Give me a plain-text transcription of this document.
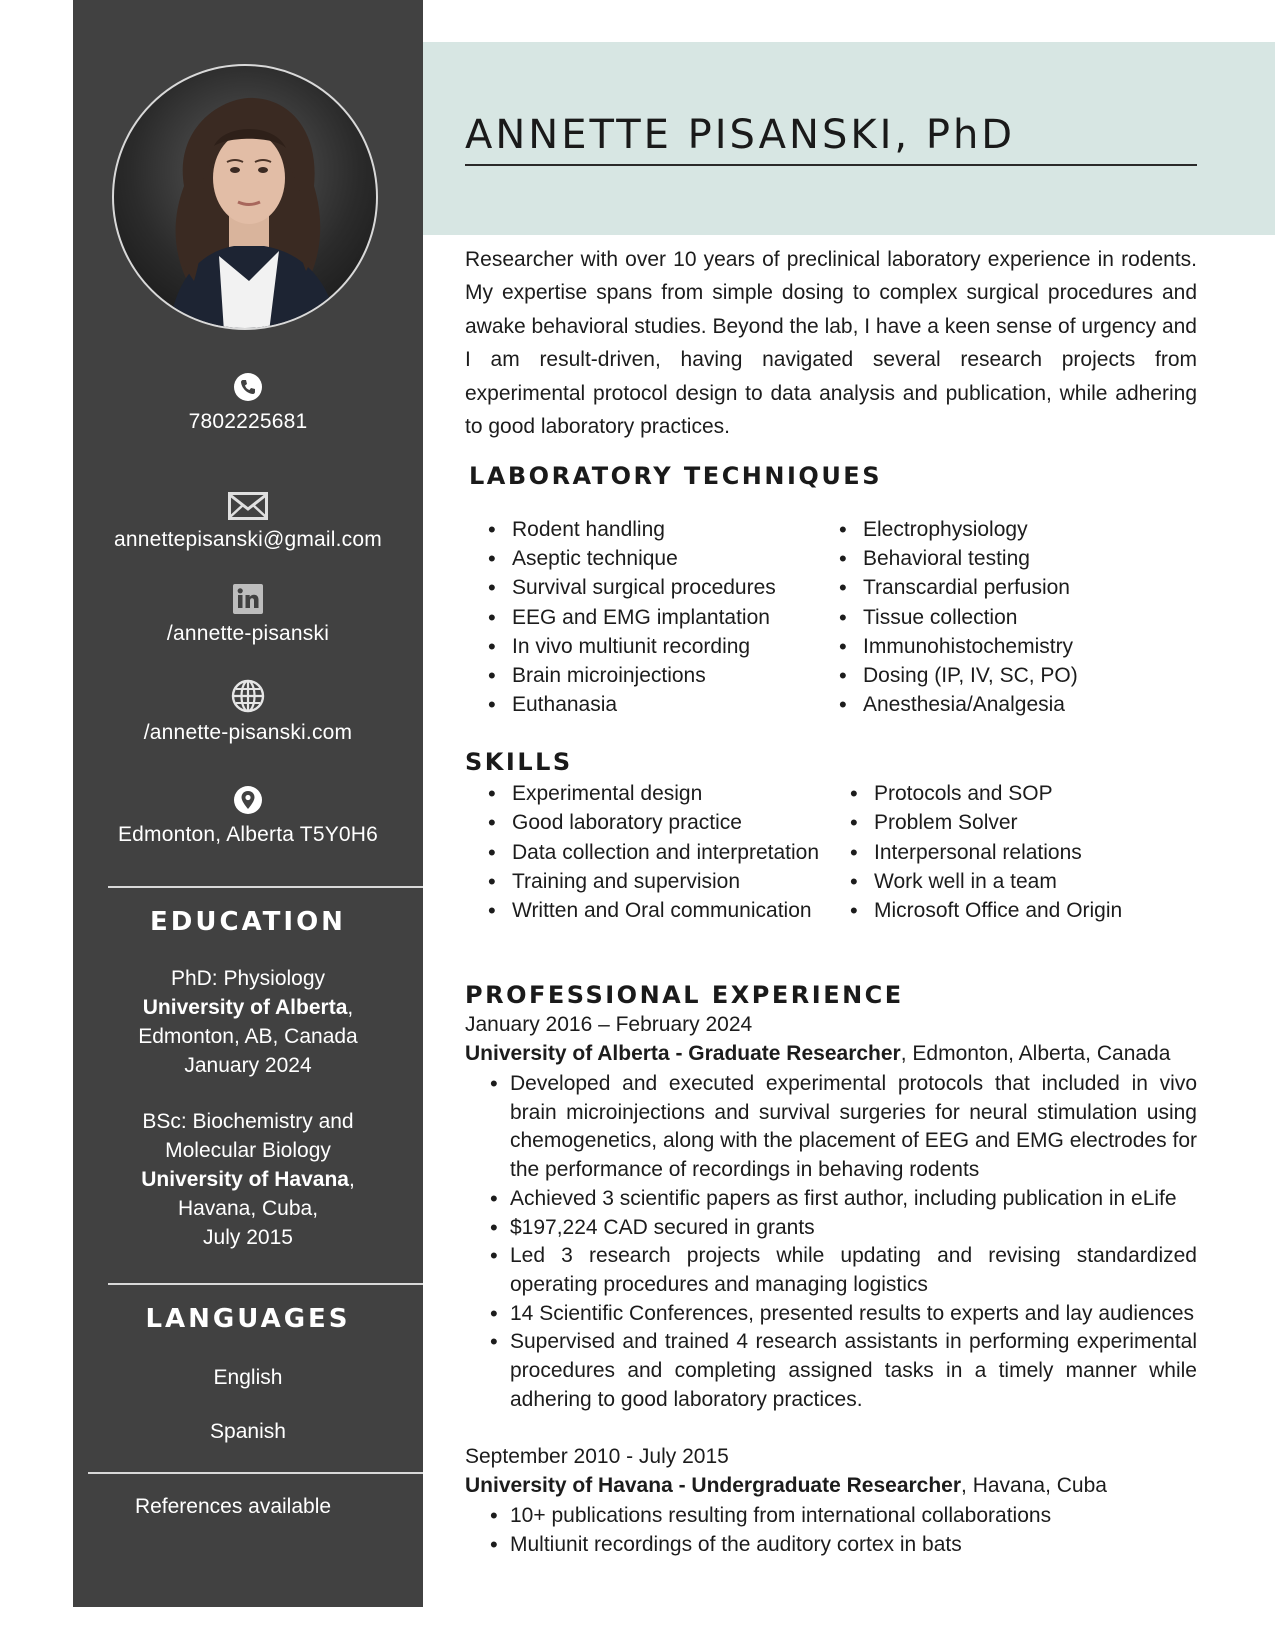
7802225681
annettepisanski@gmail.com
/annette-pisanski
/annette-pisanski.com
Edmonton, Alberta T5Y0H6
EDUCATION
PhD: Physiology
University of Alberta,
Edmonton, AB, Canada
January 2024
BSc: Biochemistry and
Molecular Biology
University of Havana,
Havana, Cuba,
July 2015
LANGUAGES
English
Spanish
References available
ANNETTE PISANSKI, PhD

Researcher with over 10 years of preclinical laboratory experience in rodents. My expertise spans from simple dosing to complex surgical procedures and awake behavioral studies. Beyond the lab, I have a keen sense of urgency and I am result-driven, having navigated several research projects from experimental protocol design to data analysis and publication, while adhering to good laboratory practices.

LABORATORY TECHNIQUES
• Rodent handling
• Aseptic technique
• Survival surgical procedures
• EEG and EMG implantation
• In vivo multiunit recording
• Brain microinjections
• Euthanasia
• Electrophysiology
• Behavioral testing
• Transcardial perfusion
• Tissue collection
• Immunohistochemistry
• Dosing (IP, IV, SC, PO)
• Anesthesia/Analgesia
SKILLS
• Experimental design
• Good laboratory practice
• Data collection and interpretation
• Training and supervision
• Written and Oral communication
• Protocols and SOP
• Problem Solver
• Interpersonal relations
• Work well in a team
• Microsoft Office and Origin
PROFESSIONAL EXPERIENCE
January 2016 – February 2024
University of Alberta - Graduate Researcher, Edmonton, Alberta, Canada
• Developed and executed experimental protocols that included in vivo brain microinjections and survival surgeries for neural stimulation using chemogenetics, along with the placement of EEG and EMG electrodes for the performance of recordings in behaving rodents
• Achieved 3 scientific papers as first author, including publication in eLife
• $197,224 CAD secured in grants
• Led 3 research projects while updating and revising standardized operating procedures and managing logistics
• 14 Scientific Conferences, presented results to experts and lay audiences
• Supervised and trained 4 research assistants in performing experimental procedures and completing assigned tasks in a timely manner while adhering to good laboratory practices.
September 2010 - July 2015
University of Havana - Undergraduate Researcher, Havana, Cuba
• 10+ publications resulting from international collaborations
• Multiunit recordings of the auditory cortex in bats
